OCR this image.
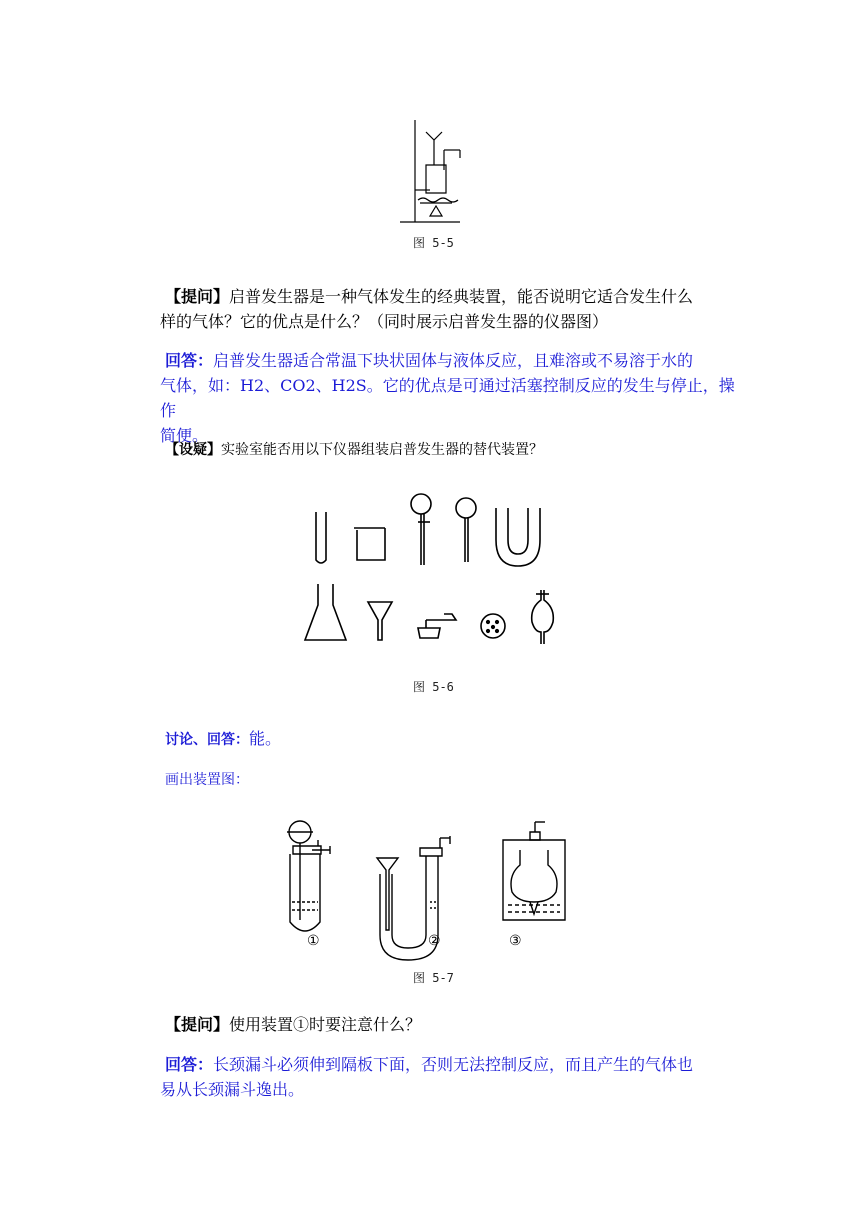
图 5-5
【提问】启普发生器是一种气体发生的经典装置，能否说明它适合发生什么
样的气体？它的优点是什么？（同时展示启普发生器的仪器图）
回答：启普发生器适合常温下块状固体与液体反应，且难溶或不易溶于水的
气体，如：H2、CO2、H2S。它的优点是可通过活塞控制反应的发生与停止，操作
简便。
【设疑】实验室能否用以下仪器组装启普发生器的替代装置？
图 5-6
讨论、回答：能。
画出装置图：
①	②	③
图 5-7
【提问】使用装置①时要注意什么？
回答：长颈漏斗必须伸到隔板下面，否则无法控制反应，而且产生的气体也
易从长颈漏斗逸出。
